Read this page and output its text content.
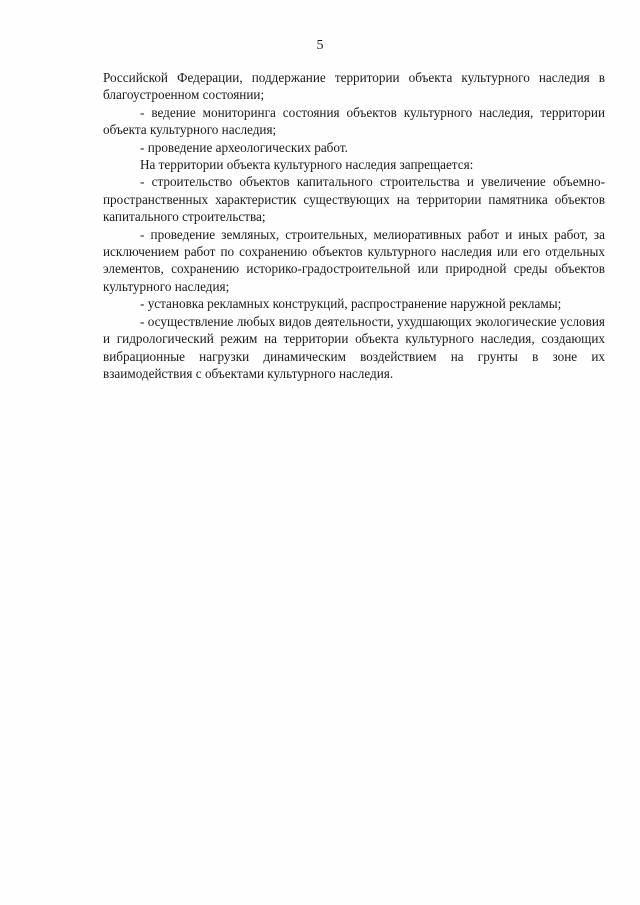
5

Российской Федерации, поддержание территории объекта культурного наследия в благоустроенном состоянии;

- ведение мониторинга состояния объектов культурного наследия, территории объекта культурного наследия;

- проведение археологических работ.

На территории объекта культурного наследия запрещается:

- строительство объектов капитального строительства и увеличение объемно-пространственных характеристик существующих на территории памятника объектов капитального строительства;

- проведение земляных, строительных, мелиоративных работ и иных работ, за исключением работ по сохранению объектов культурного наследия или его отдельных элементов, сохранению историко-градостроительной или природной среды объектов культурного наследия;

- установка рекламных конструкций, распространение наружной рекламы;

- осуществление любых видов деятельности, ухудшающих экологические условия и гидрологический режим на территории объекта культурного наследия, создающих вибрационные нагрузки динамическим воздействием на грунты в зоне их взаимодействия с объектами культурного наследия.
